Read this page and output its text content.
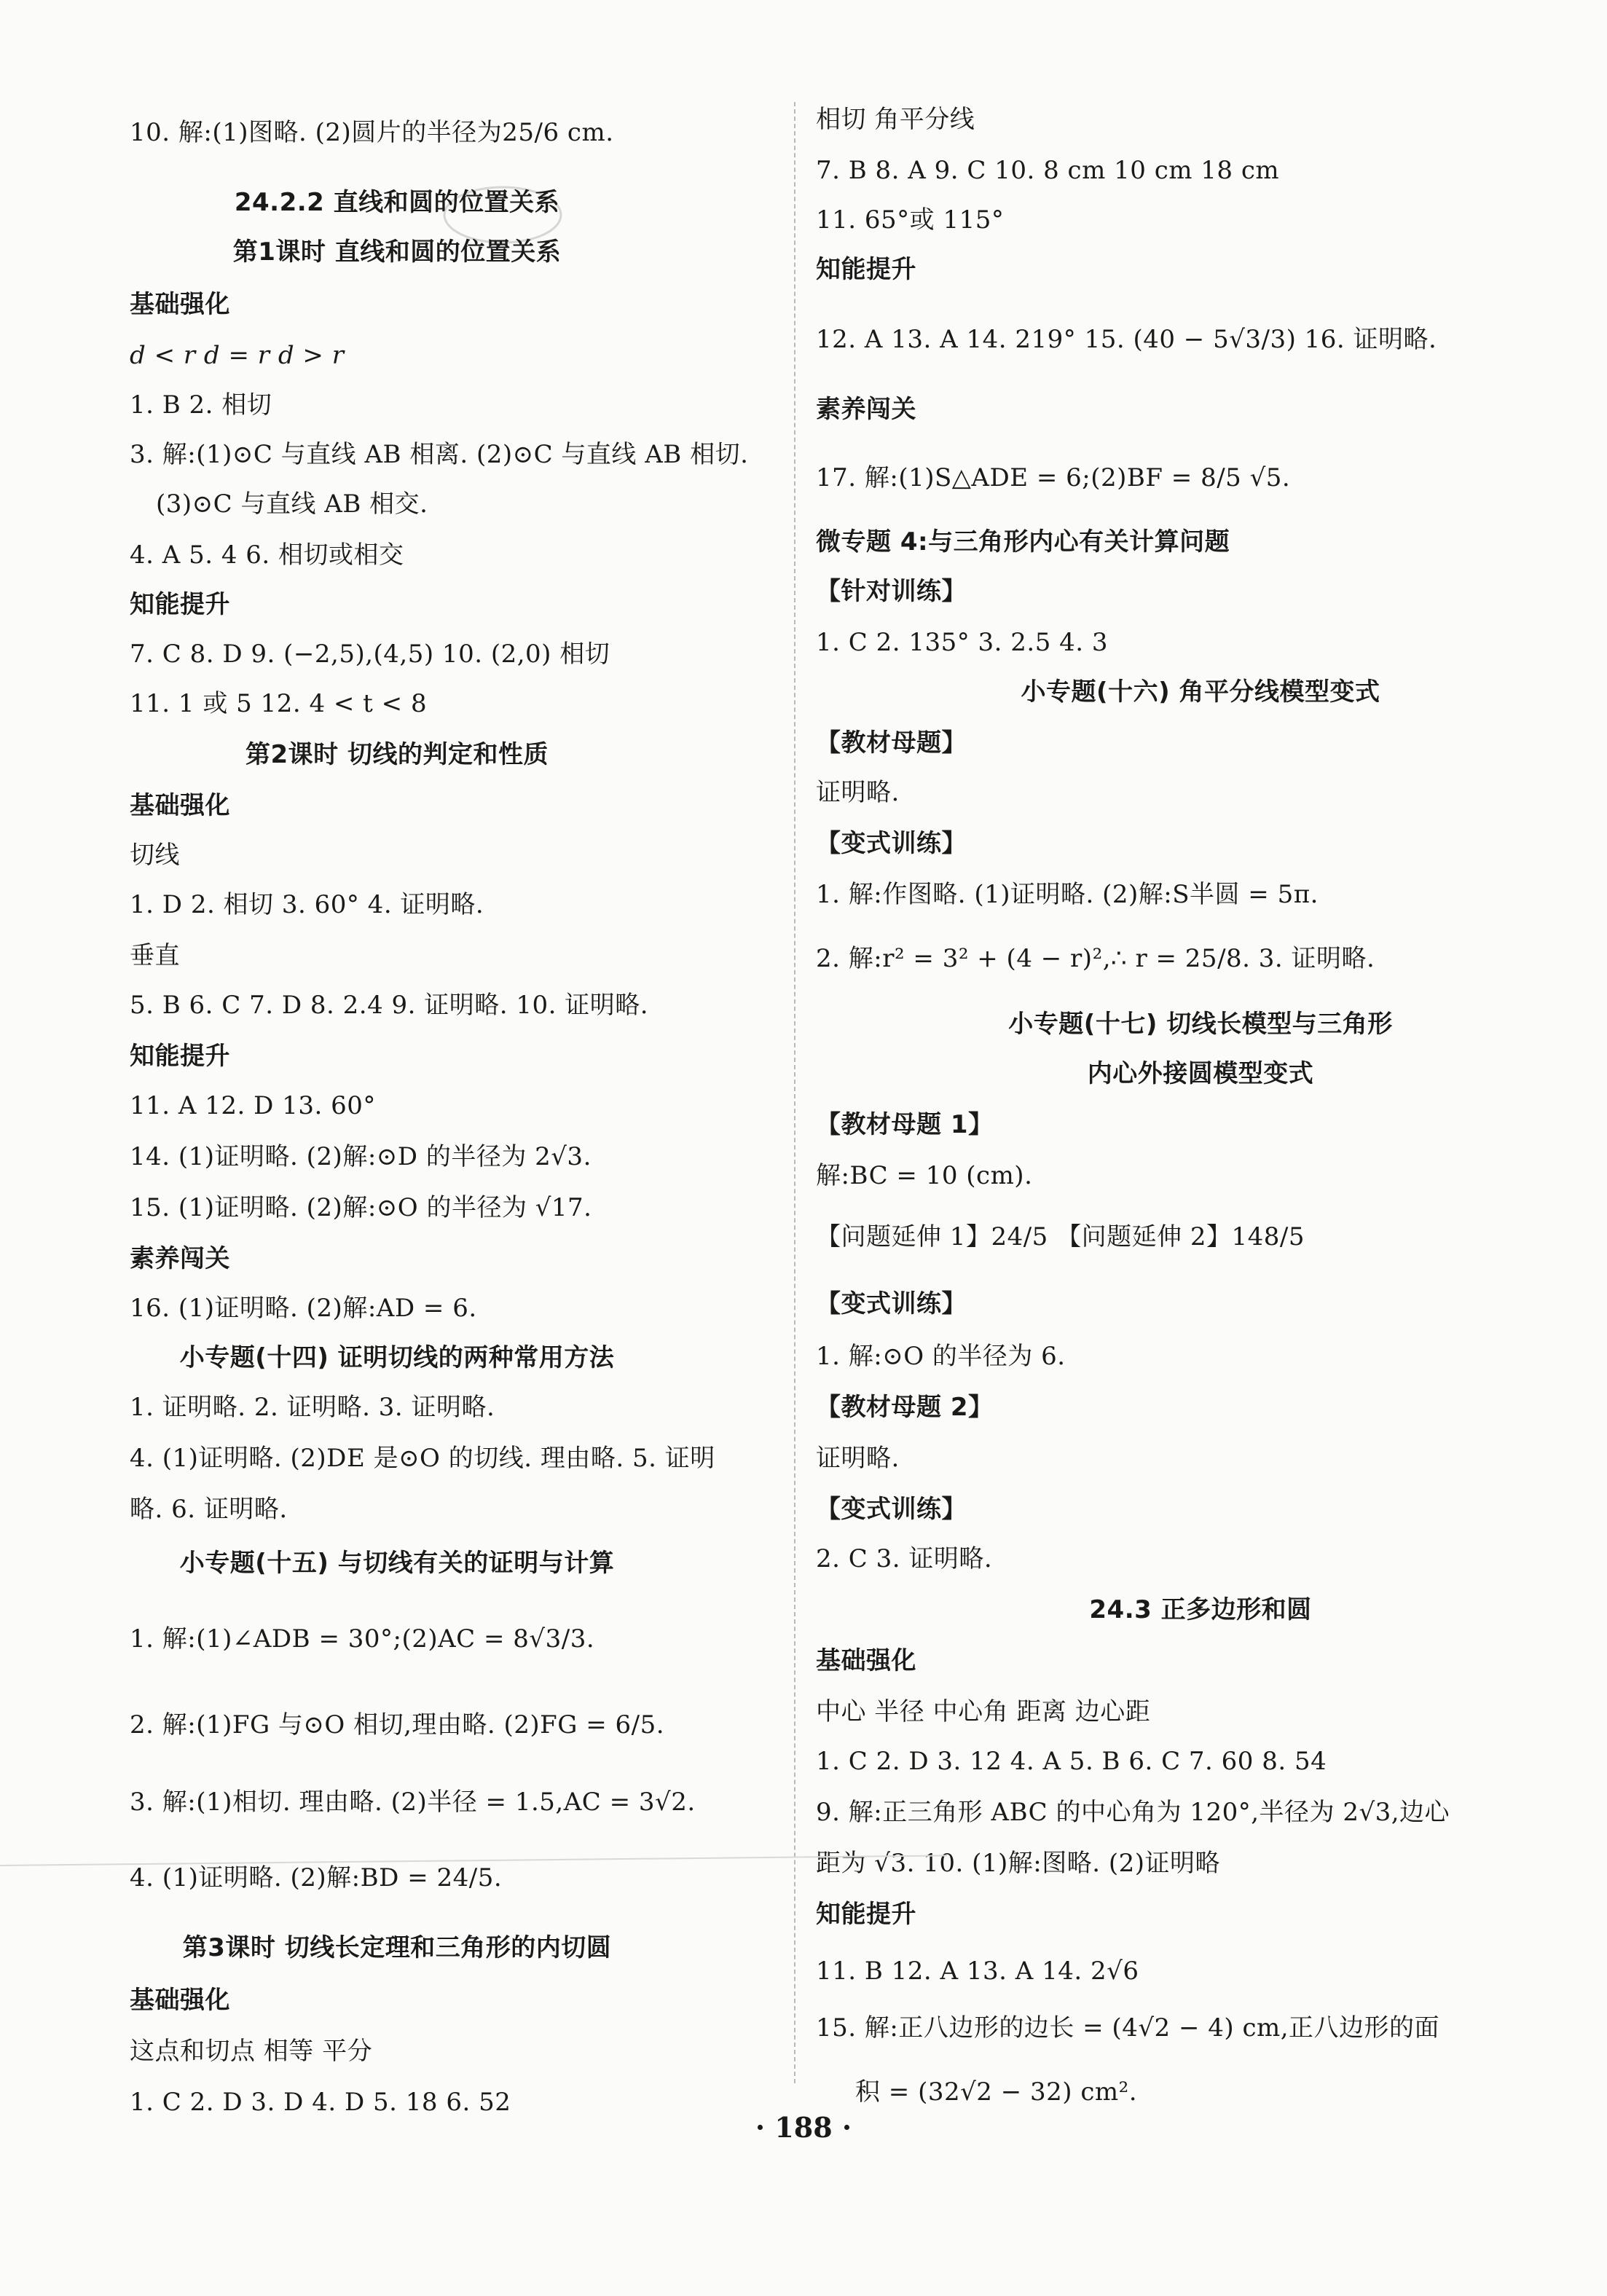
10. 解:(1)图略. (2)圆片的半径为25/6 cm.
24.2.2 直线和圆的位置关系
第1课时 直线和圆的位置关系
基础强化
d < r d = r d > r
1. B 2. 相切
3. 解:(1)⊙C 与直线 AB 相离. (2)⊙C 与直线 AB 相切.
(3)⊙C 与直线 AB 相交.
4. A 5. 4 6. 相切或相交
知能提升
7. C 8. D 9. (−2,5),(4,5) 10. (2,0) 相切
11. 1 或 5 12. 4 < t < 8
第2课时 切线的判定和性质
基础强化
切线
1. D 2. 相切 3. 60° 4. 证明略.
垂直
5. B 6. C 7. D 8. 2.4 9. 证明略. 10. 证明略.
知能提升
11. A 12. D 13. 60°
14. (1)证明略. (2)解:⊙D 的半径为 2√3.
15. (1)证明略. (2)解:⊙O 的半径为 √17.
素养闯关
16. (1)证明略. (2)解:AD = 6.
小专题(十四) 证明切线的两种常用方法
1. 证明略. 2. 证明略. 3. 证明略.
4. (1)证明略. (2)DE 是⊙O 的切线. 理由略. 5. 证明
略. 6. 证明略.
小专题(十五) 与切线有关的证明与计算
1. 解:(1)∠ADB = 30°;(2)AC = 8√3/3.
2. 解:(1)FG 与⊙O 相切,理由略. (2)FG = 6/5.
3. 解:(1)相切. 理由略. (2)半径 = 1.5,AC = 3√2.
4. (1)证明略. (2)解:BD = 24/5.
第3课时 切线长定理和三角形的内切圆
基础强化
这点和切点 相等 平分
1. C 2. D 3. D 4. D 5. 18 6. 52
相切 角平分线
7. B 8. A 9. C 10. 8 cm 10 cm 18 cm
11. 65°或 115°
知能提升
12. A 13. A 14. 219° 15. (40 − 5√3/3) 16. 证明略.
素养闯关
17. 解:(1)S△ADE = 6;(2)BF = 8/5 √5.
微专题 4:与三角形内心有关计算问题
【针对训练】
1. C 2. 135° 3. 2.5 4. 3
小专题(十六) 角平分线模型变式
【教材母题】
证明略.
【变式训练】
1. 解:作图略. (1)证明略. (2)解:S半圆 = 5π.
2. 解:r² = 3² + (4 − r)²,∴ r = 25/8. 3. 证明略.
小专题(十七) 切线长模型与三角形
内心外接圆模型变式
【教材母题 1】
解:BC = 10 (cm).
【问题延伸 1】24/5 【问题延伸 2】148/5
【变式训练】
1. 解:⊙O 的半径为 6.
【教材母题 2】
证明略.
【变式训练】
2. C 3. 证明略.
24.3 正多边形和圆
基础强化
中心 半径 中心角 距离 边心距
1. C 2. D 3. 12 4. A 5. B 6. C 7. 60 8. 54
9. 解:正三角形 ABC 的中心角为 120°,半径为 2√3,边心
距为 √3. 10. (1)解:图略. (2)证明略
知能提升
11. B 12. A 13. A 14. 2√6
15. 解:正八边形的边长 = (4√2 − 4) cm,正八边形的面
积 = (32√2 − 32) cm².
· 188 ·
